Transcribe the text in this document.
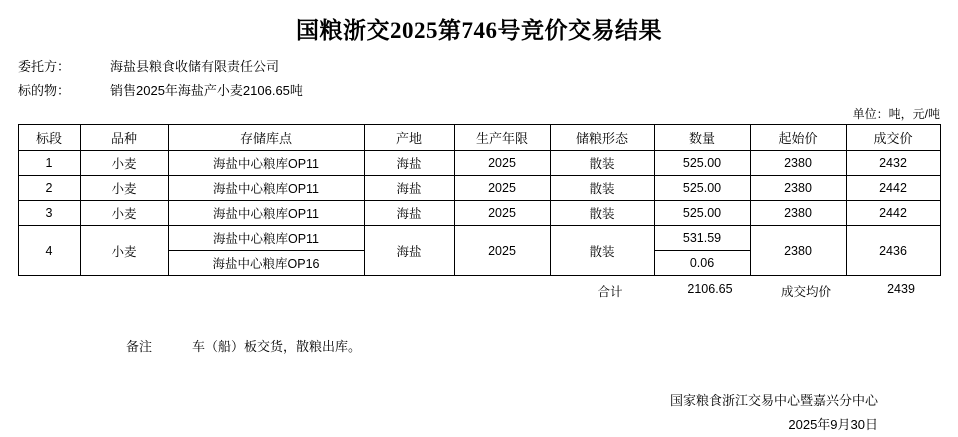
国粮浙交2025第746号竞价交易结果
委托方：	海盐县粮食收储有限责任公司
标的物：	销售2025年海盐产小麦2106.65吨
单位：吨，元/吨
标段	品种	存储库点	产地	生产年限	储粮形态	数量	起始价	成交价
1	小麦	海盐中心粮库OP11	海盐	2025	散装	525.00	2380	2432
2	小麦	海盐中心粮库OP11	海盐	2025	散装	525.00	2380	2442
3	小麦	海盐中心粮库OP11	海盐	2025	散装	525.00	2380	2442
4	小麦	海盐中心粮库OP11	海盐	2025	散装	531.59	2380	2436
		海盐中心粮库OP16				0.06		
合计	2106.65	成交均价	2439
备注	车（船）板交货，散粮出库。
国家粮食浙江交易中心暨嘉兴分中心
2025年9月30日
